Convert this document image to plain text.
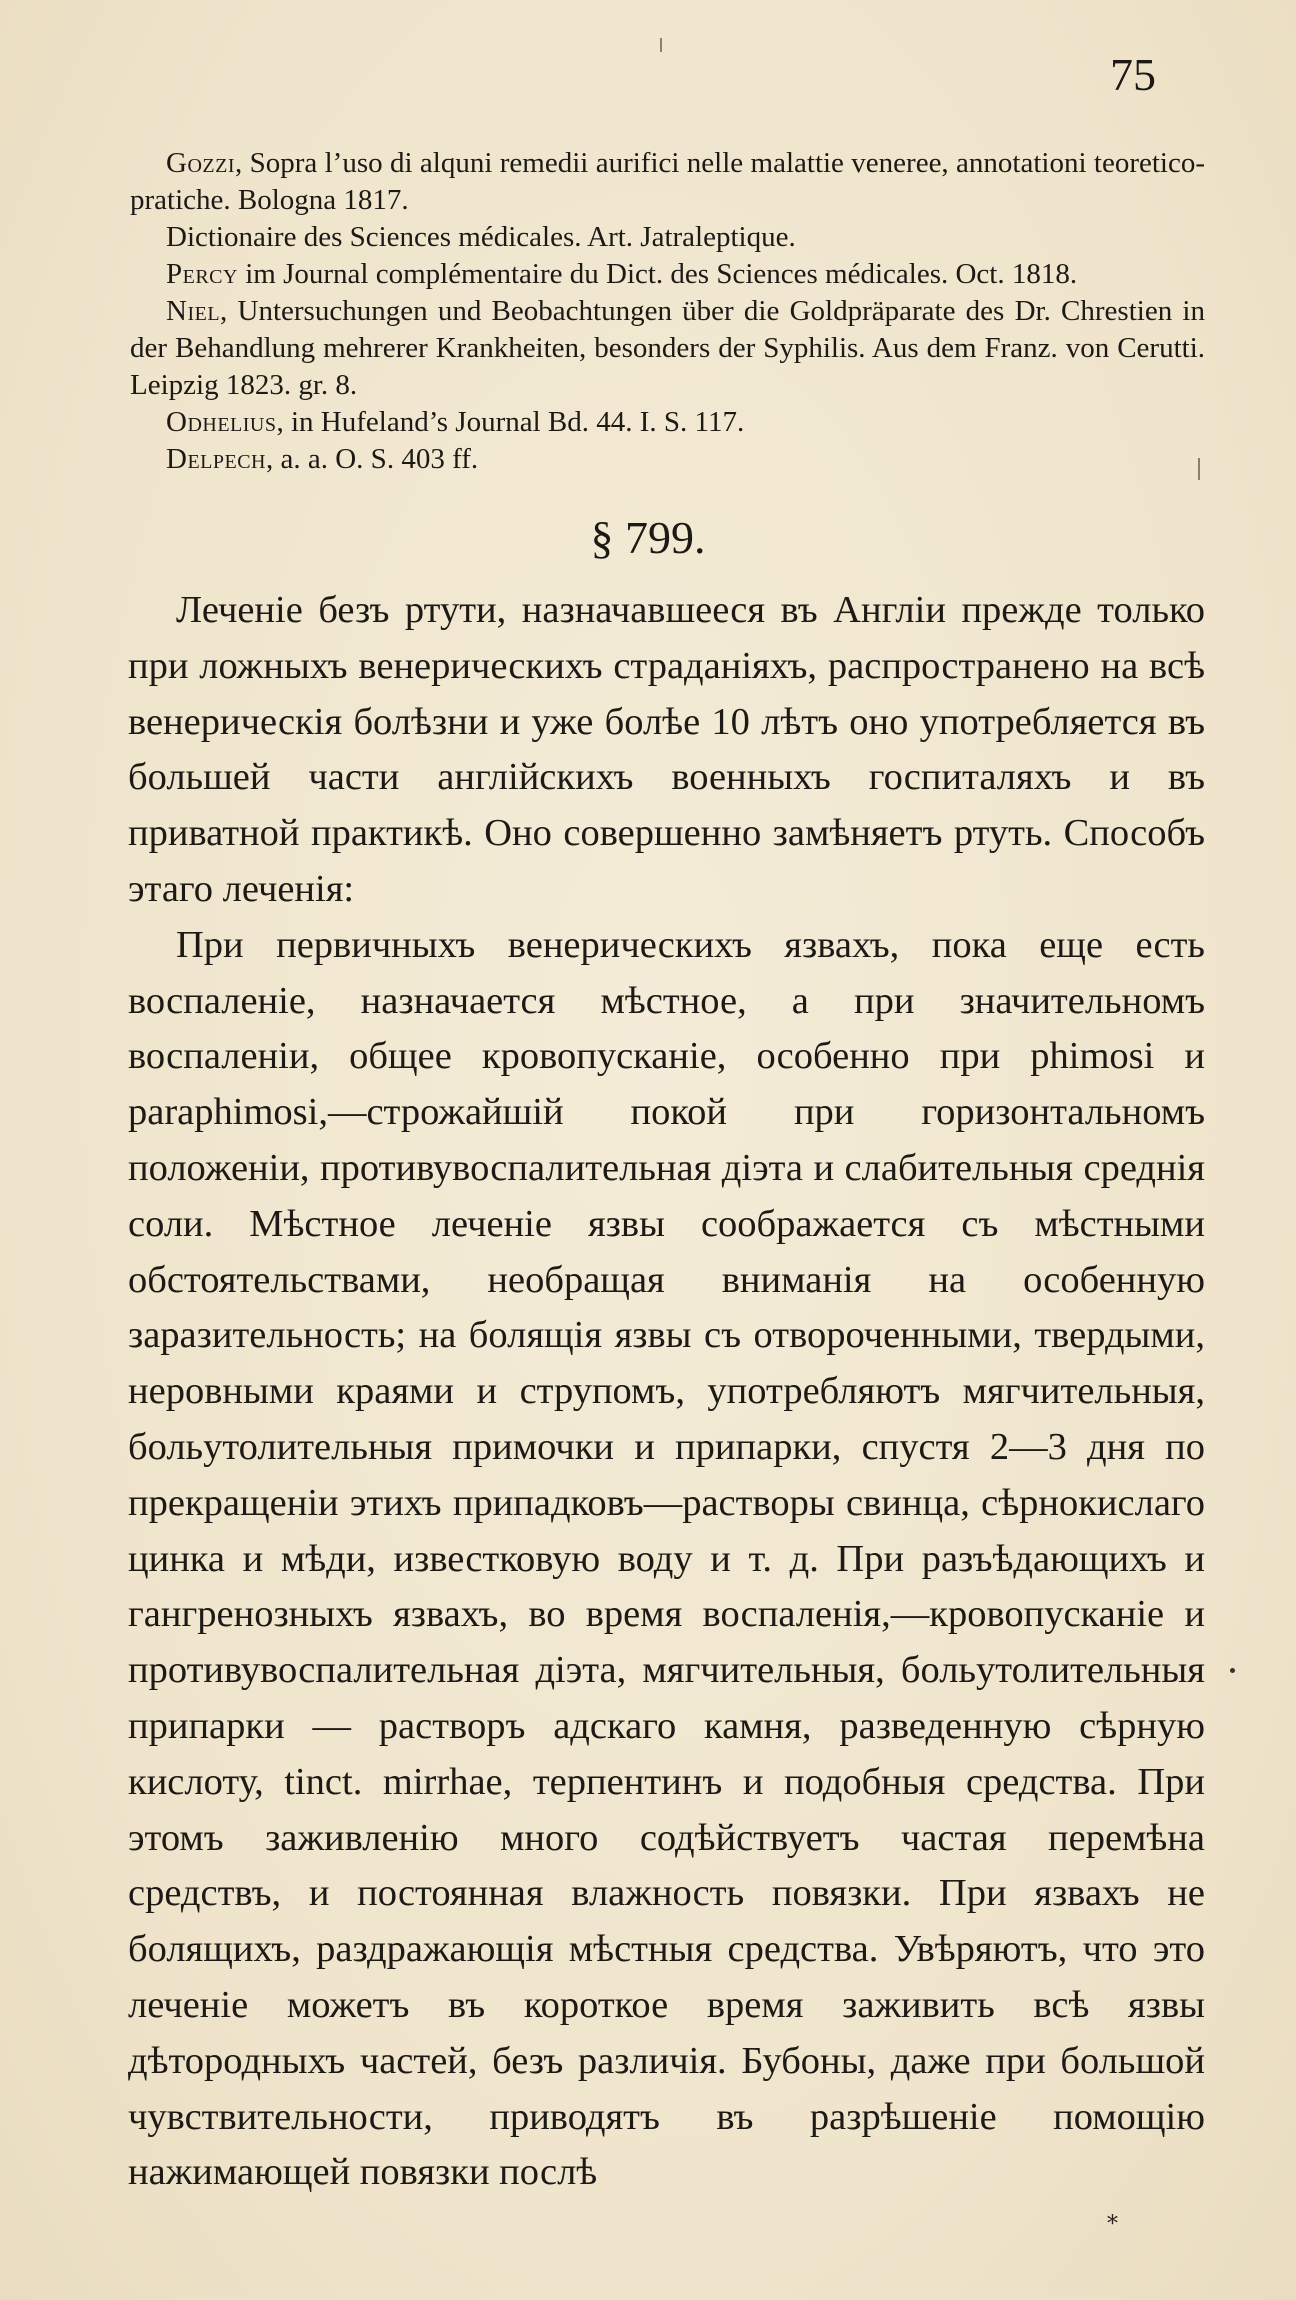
75
Gozzi, Sopra l’uso di alquni remedii aurifici nelle malattie veneree, annotationi teoretico-pratiche. Bologna 1817.
Dictionaire des Sciences médicales. Art. Jatraleptique.
Percy im Journal complémentaire du Dict. des Sciences médicales. Oct. 1818.
Niel, Untersuchungen und Beobachtungen über die Goldpräparate des Dr. Chrestien in der Behandlung mehrerer Krankheiten, besonders der Syphilis. Aus dem Franz. von Cerutti. Leipzig 1823. gr. 8.
Odhelius, in Hufeland’s Journal Bd. 44. I. S. 117.
Delpech, a. a. O. S. 403 ff.
§ 799.

Леченіе безъ ртути, назначавшееся въ Англіи прежде только при ложныхъ венерическихъ страданіяхъ, распространено на всѣ венерическія болѣзни и уже болѣе 10 лѣтъ оно употребляется въ большей части англійскихъ военныхъ госпиталяхъ и въ приватной практикѣ. Оно совершенно замѣняетъ ртуть. Способъ этаго леченія:

При первичныхъ венерическихъ язвахъ, пока еще есть воспаленіе, назначается мѣстное, а при значительномъ воспаленіи, общее кровопусканіе, особенно при phimosi и paraphimosi,—строжайшій покой при горизонтальномъ положеніи, противувоспалительная діэта и слабительныя среднія соли. Мѣстное леченіе язвы соображается съ мѣстными обстоятельствами, необращая вниманія на особенную заразительность; на болящія язвы съ отвороченными, твердыми, неровными краями и струпомъ, употребляютъ мягчительныя, больутолительныя примочки и припарки, спустя 2—3 дня по прекращеніи этихъ припадковъ—растворы свинца, сѣрнокислаго цинка и мѣди, известковую воду и т. д. При разъѣдающихъ и гангренозныхъ язвахъ, во время воспаленія,—кровопусканіе и противувоспалительная діэта, мягчительныя, больутолительныя припарки — растворъ адскаго камня, разведенную сѣрную кислоту, tinct. mirrhae, терпентинъ и подобныя средства. При этомъ заживленію много содѣйствуетъ частая перемѣна средствъ, и постоянная влажность повязки. При язвахъ не болящихъ, раздражающія мѣстныя средства. Увѣряютъ, что это леченіе можетъ въ короткое время заживить всѣ язвы дѣтородныхъ частей, безъ различія. Бубоны, даже при большой чувствительности, приводятъ въ разрѣшеніе помощію нажимающей повязки послѣ

*
